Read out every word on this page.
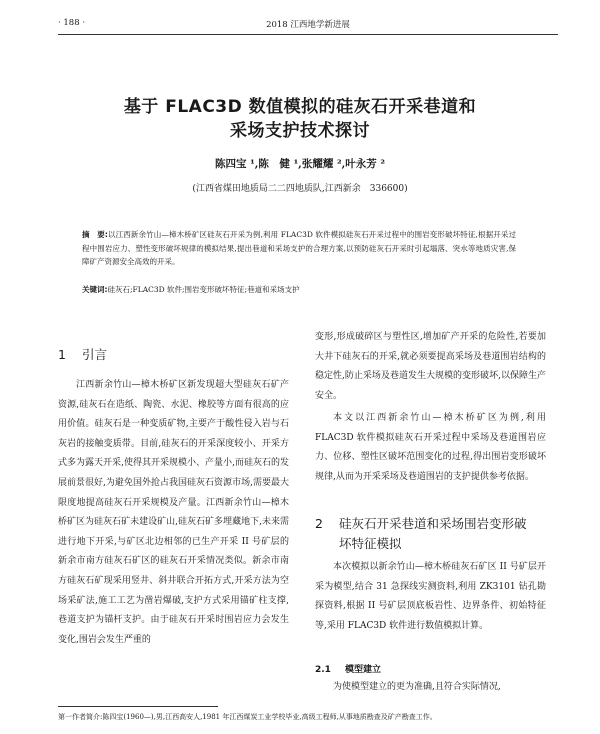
· 188 ·	2018 江西地学新进展
基于 FLAC3D 数值模拟的硅灰石开采巷道和
采场支护技术探讨
陈四宝 ¹,陈　健 ¹,张耀耀 ²,叶永芳 ²
(江西省煤田地质局二二四地质队,江西新余　336600)
摘　要:以江西新余竹山—樟木桥矿区硅灰石开采为例,利用 FLAC3D 软件模拟硅灰石开采过程中的围岩变形破坏特征,根据开采过程中围岩应力、塑性变形破坏规律的模拟结果,提出巷道和采场支护的合理方案,以预防硅灰石开采时引起塌落、突水等地质灾害,保障矿产资源安全高效的开采。
关键词:硅灰石;FLAC3D 软件;围岩变形破坏特征;巷道和采场支护
1 引言
江西新余竹山—樟木桥矿区新发现超大型硅灰石矿产资源,硅灰石在造纸、陶瓷、水泥、橡胶等方面有很高的应用价值。硅灰石是一种变质矿物,主要产于酸性侵入岩与石灰岩的接触变质带。目前,硅灰石的开采深度较小、开采方式多为露天开采,使得其开采规模小、产量小,而硅灰石的发展前景很好,为避免国外抢占我国硅灰石资源市场,需要最大限度地提高硅灰石开采规模及产量。江西新余竹山—樟木桥矿区为硅灰石矿未建设矿山,硅灰石矿多埋藏地下,未来需进行地下开采,与矿区北边相邻的已生产开采 II 号矿层的新余市南方硅灰石矿区的硅灰石开采情况类似。新余市南方硅灰石矿现采用竖井、斜井联合开拓方式,开采方法为空场采矿法,施工工艺为凿岩爆破,支护方式采用锚矿柱支撑,巷道支护为锚杆支护。由于硅灰石开采时围岩应力会发生变化,围岩会发生严重的
变形,形成破碎区与塑性区,增加矿产开采的危险性,若要加大井下硅灰石的开采,就必须要提高采场及巷道围岩结构的稳定性,防止采场及巷道发生大规模的变形破坏,以保障生产安全。
本文以江西新余竹山—樟木桥矿区为例,利用 FLAC3D 软件模拟硅灰石开采过程中采场及巷道围岩应力、位移、塑性区破坏范围变化的过程,得出围岩变形破坏规律,从而为开采采场及巷道围岩的支护提供参考依据。
2 硅灰石开采巷道和采场围岩变形破
坏特征模拟
本次模拟以新余竹山—樟木桥硅灰石矿区 II 号矿层开采为模型,结合 31 急探线实测资料,利用 ZK3101 钻孔勘探资料,根据 II 号矿层顶底板岩性、边界条件、初始特征等,采用 FLAC3D 软件进行数值模拟计算。
2.1 模型建立
为使模型建立的更为准确,且符合实际情况,
第一作者简介:陈四宝(1960—),男,江西高安人,1981 年江西煤炭工业学校毕业,高级工程师,从事地质勘查及矿产勘查工作。
